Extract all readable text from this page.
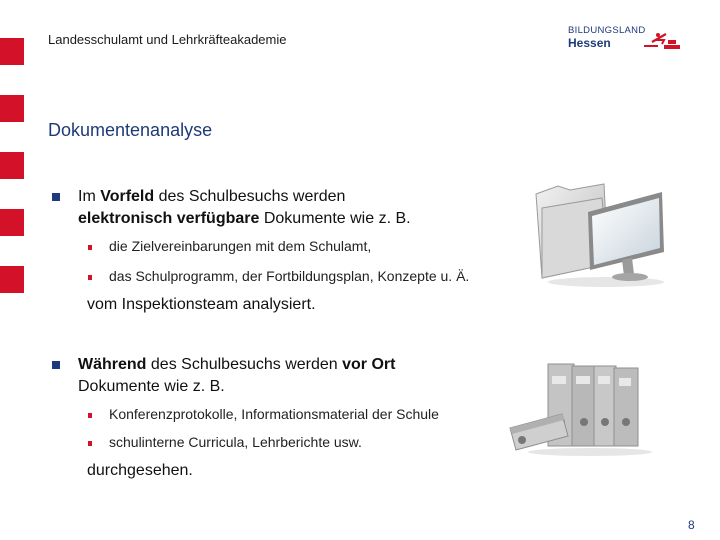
Landesschulamt und Lehrkräfteakademie
BILDUNGSLAND
Hessen
Dokumentenanalyse
Im Vorfeld des Schulbesuchs werden
elektronisch verfügbare Dokumente wie z. B.
die Zielvereinbarungen mit dem Schulamt,
das Schulprogramm, der Fortbildungsplan, Konzepte u. Ä.
vom Inspektionsteam analysiert.
Während des Schulbesuchs werden vor Ort
Dokumente wie z. B.
Konferenzprotokolle, Informationsmaterial der Schule
schulinterne Curricula, Lehrberichte usw.
durchgesehen.
8
